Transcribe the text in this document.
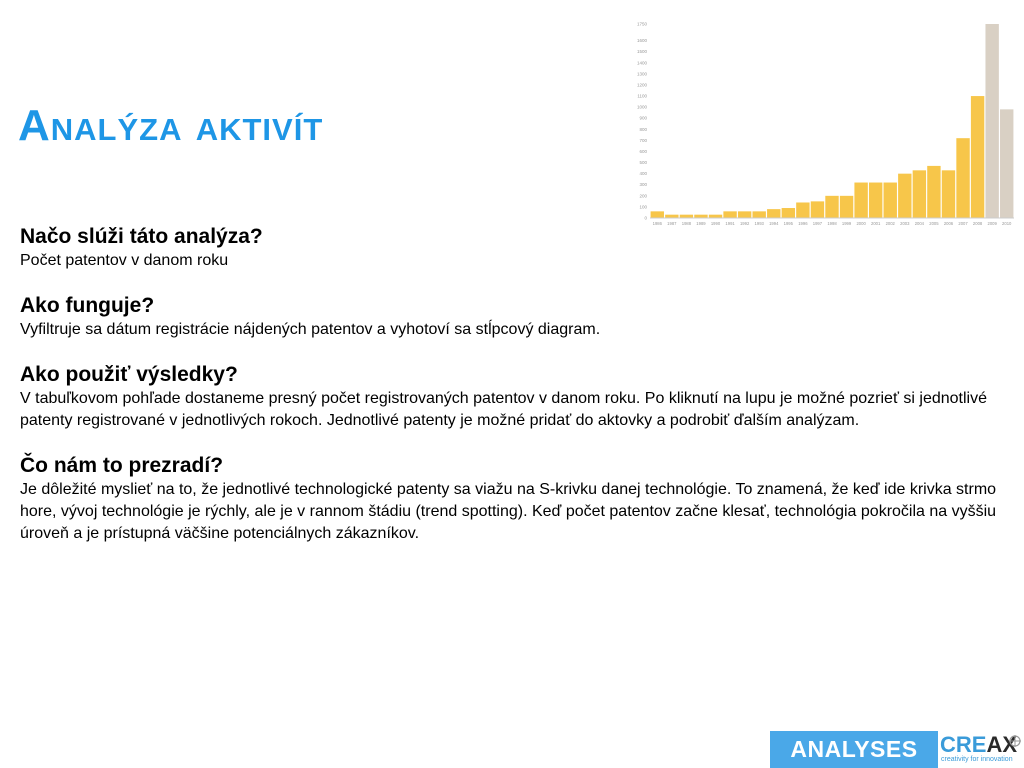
Analýza aktivít
0
100
200
300
400
500
600
700
800
900
1000
1100
1200
1300
1400
1500
1600
1750
1986 1987 1988 1989 1990 1991 1992 1993 1994 1995 1996 1997 1998 1999 2000 2001 2002 2003 2004 2005 2006 2007 2008 2009 2010

Načo slúži táto analýza?

Počet patentov v danom roku

Ako funguje?

Vyfiltruje sa dátum registrácie nájdených patentov a vyhotoví sa stĺpcový diagram.

Ako použiť výsledky?

V tabuľkovom pohľade dostaneme presný počet registrovaných patentov v danom roku. Po kliknutí na lupu je možné pozrieť si jednotlivé patenty registrované v jednotlivých rokoch. Jednotlivé patenty je možné pridať do aktovky a podrobiť ďalším analýzam.

Čo nám to prezradí?

Je dôležité myslieť na to, že jednotlivé technologické patenty sa viažu na S-krivku danej technológie. To znamená, že keď ide krivka strmo hore, vývoj technológie je rýchly, ale je v rannom štádiu (trend spotting). Keď počet patentov začne klesať, technológia pokročila na vyššiu úroveň a je prístupná väčšine potenciálnych zákazníkov.

ANALYSES	CREAX
creativity for innovation
